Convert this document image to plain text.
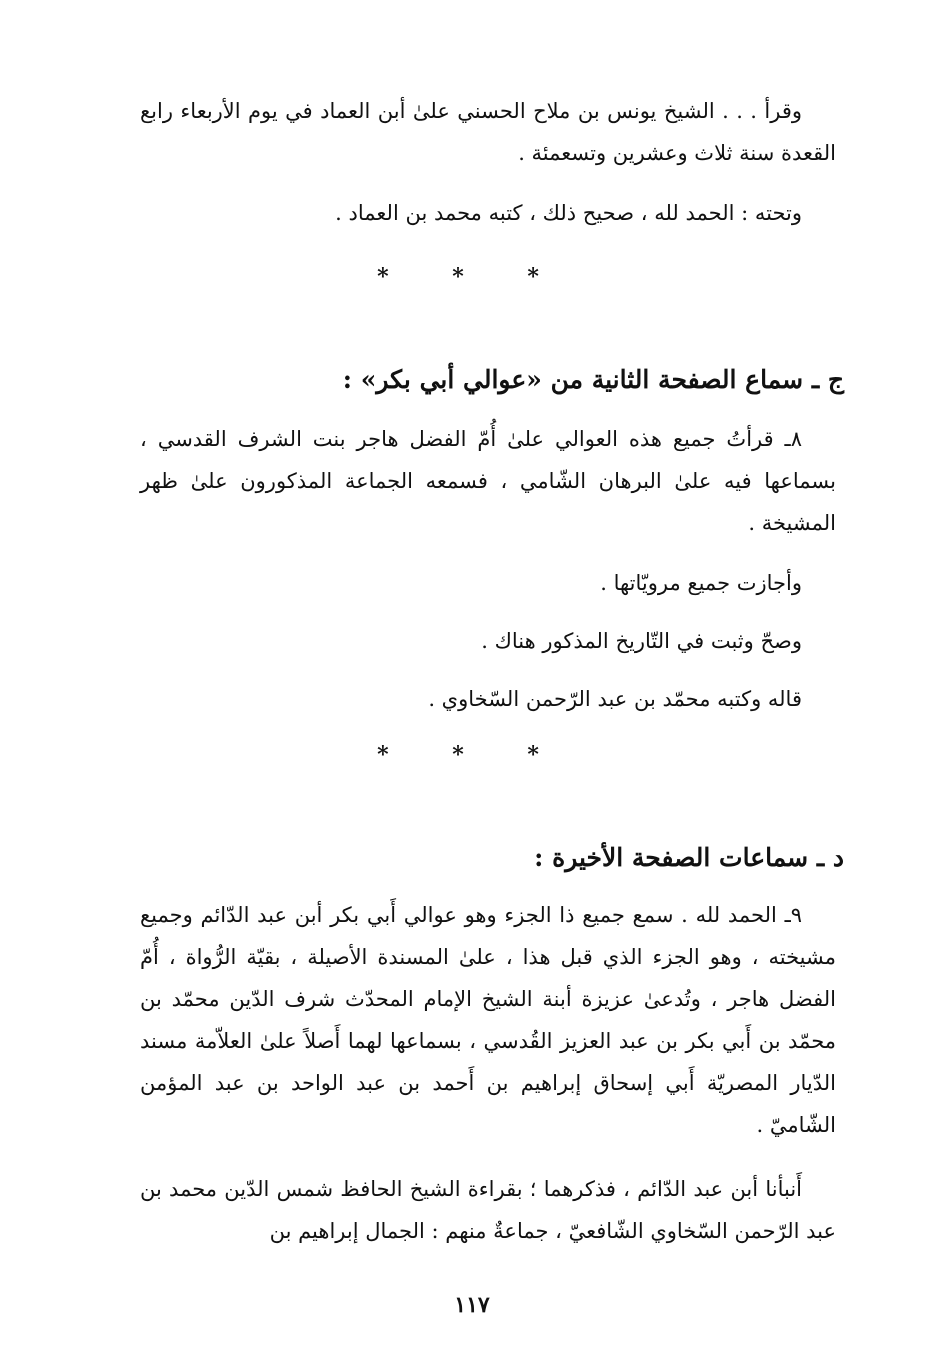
وقرأ . . . الشيخ يونس بن ملاح الحسني علىٰ أبن العماد في يوم الأربعاء رابع القعدة سنة ثلاث وعشرين وتسعمئة .

وتحته : الحمد لله ، صحيح ذلك ، كتبه محمد بن العماد .

* * *
ج ـ سماع الصفحة الثانية من «عوالي أبي بكر» :

٨ـ قرأتُ جميع هذه العوالي علىٰ أُمّ الفضل هاجر بنت الشرف القدسي ، بسماعها فيه علىٰ البرهان الشّامي ، فسمعه الجماعة المذكورون علىٰ ظهر المشيخة .

وأجازت جميع مرويّاتها .

وصحّ وثبت في التّاريخ المذكور هناك .

قاله وكتبه محمّد بن عبد الرّحمن السّخاوي .

* * *
د ـ سماعات الصفحة الأخيرة :

٩ـ الحمد لله . سمع جميع ذا الجزء وهو عوالي أَبي بكر أبن عبد الدّائم وجميع مشيخته ، وهو الجزء الذي قبل هذا ، علىٰ المسندة الأصيلة ، بقيّة الرُّواة ، أُمّ الفضل هاجر ، وتُدعىٰ عزيزة أبنة الشيخ الإمام المحدّث شرف الدّين محمّد بن محمّد بن أَبي بكر بن عبد العزيز القُدسي ، بسماعها لهما أَصلاً علىٰ العلاّمة مسند الدّيار المصريّة أَبي إسحاق إبراهيم بن أَحمد بن عبد الواحد بن عبد المؤمن الشّاميّ .

أَنبأنا أبن عبد الدّائم ، فذكرهما ؛ بقراءة الشيخ الحافظ شمس الدّين محمد بن عبد الرّحمن السّخاوي الشّافعيّ ، جماعةٌ منهم : الجمال إبراهيم بن

١١٧
